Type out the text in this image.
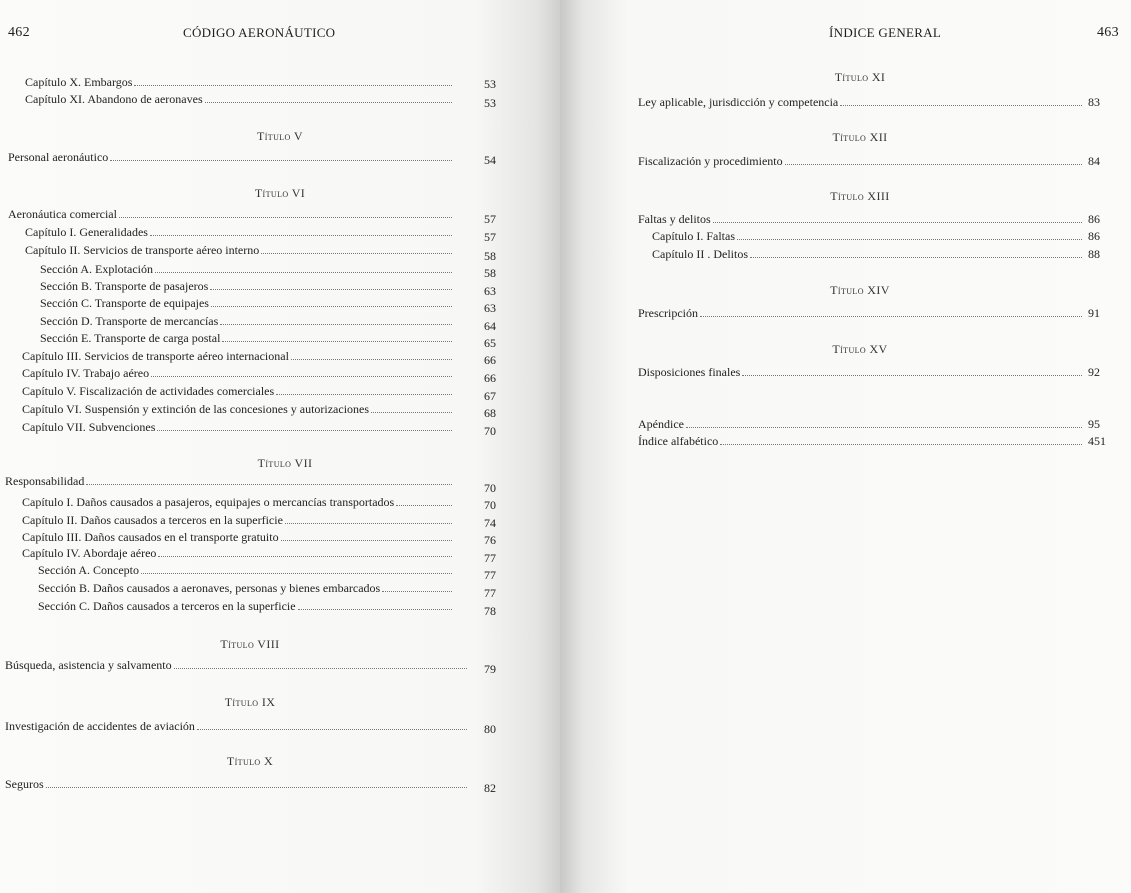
462	CÓDIGO AERONÁUTICO
Capítulo X. Embargos	53
Capítulo XI. Abandono de aeronaves	53
Título V
Personal aeronáutico	54
Título VI
Aeronáutica comercial	57
Capítulo I. Generalidades	57
Capítulo II. Servicios de transporte aéreo interno	58
Sección A. Explotación	58
Sección B. Transporte de pasajeros	63
Sección C. Transporte de equipajes	63
Sección D. Transporte de mercancías	64
Sección E. Transporte de carga postal	65
Capítulo III. Servicios de transporte aéreo internacional	66
Capítulo IV. Trabajo aéreo	66
Capítulo V. Fiscalización de actividades comerciales	67
Capítulo VI. Suspensión y extinción de las concesiones y autorizaciones	68
Capítulo VII. Subvenciones	70
Título VII
Responsabilidad	70
Capítulo I. Daños causados a pasajeros, equipajes o mercancías transportados	70
Capítulo II. Daños causados a terceros en la superficie	74
Capítulo III. Daños causados en el transporte gratuito	76
Capítulo IV. Abordaje aéreo	77
Sección A. Concepto	77
Sección B. Daños causados a aeronaves, personas y bienes embarcados	77
Sección C. Daños causados a terceros en la superficie	78
Título VIII
Búsqueda, asistencia y salvamento	79
Título IX
Investigación de accidentes de aviación	80
Título X
Seguros	82
ÍNDICE GENERAL	463
Título XI
Ley aplicable, jurisdicción y competencia	83
Título XII
Fiscalización y procedimiento	84
Título XIII
Faltas y delitos	86
Capítulo I. Faltas	86
Capítulo II . Delitos	88
Título XIV
Prescripción	91
Título XV
Disposiciones finales	92
Apéndice	95
Índice alfabético	451
